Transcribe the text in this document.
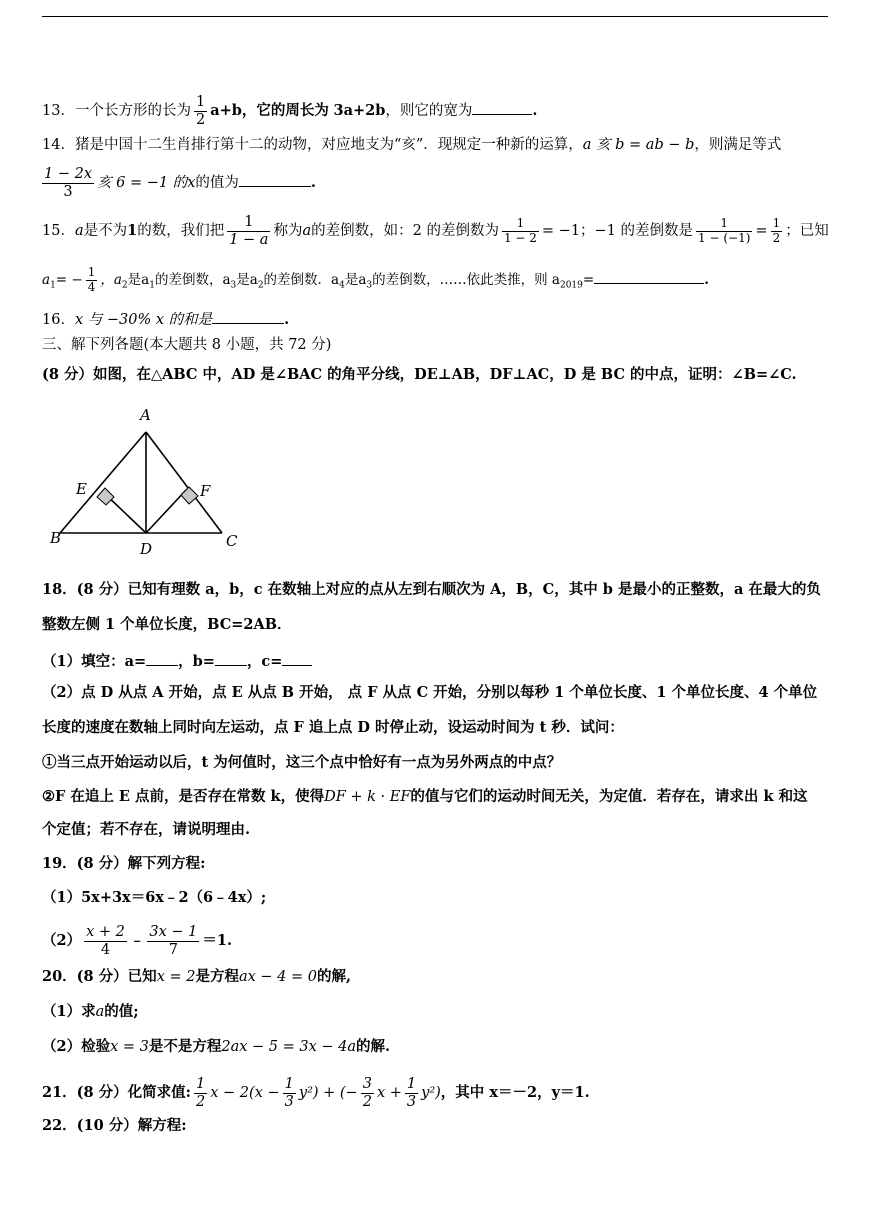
13．一个长方形的长为 $\frac{1}{2} a+b$，它的周长为 3a+2b，则它的宽为	.
14．猪是中国十二生肖排行第十二的动物，对应地支为“亥”．现规定一种新的运算，a 亥 b = ab − b，则满足等式
$\frac{1 - 2x}{3}$ 亥 6 = −1 的x的值为	.
15．a是不为1的数，我们把 $\frac{1}{1 - a}$ 称为a的差倒数，如：2 的差倒数为 $\frac{1}{1 - 2} = -1$；−1 的差倒数是 $\frac{1}{1 - (-1)} = \frac{1}{2}$ ；已知
$a_1= - \frac{1}{4}$ ，$a_2$是$a_1$的差倒数，$a_3$是$a_2$的差倒数．$a_4$是$a_3$的差倒数，……依此类推，则 $a_{2019}=$	.
16．x 与 −30% x 的和是	.
三、解下列各题(本大题共 8 小题，共 72 分)
(8 分）如图，在△ABC 中，AD 是∠BAC 的角平分线，DE⊥AB，DF⊥AC，D 是 BC 的中点，证明：∠B=∠C.
A
B	C
D
E	F
18．(8 分）已知有理数 a，b，c 在数轴上对应的点从左到右顺次为 A，B，C，其中 b 是最小的正整数，a 在最大的负
整数左侧 1 个单位长度，BC=2AB．
（1）填空：a= ，b= ，c=
（2）点 D 从点 A 开始，点 E 从点 B 开始， 点 F 从点 C 开始，分别以每秒 1 个单位长度、1 个单位长度、4 个单位
长度的速度在数轴上同时向左运动，点 F 追上点 D 时停止动，设运动时间为 t 秒．试问：
①当三点开始运动以后，t 为何值时，这三个点中恰好有一点为另外两点的中点？
②F 在追上 E 点前，是否存在常数 k，使得DF + k · EF的值与它们的运动时间无关，为定值．若存在，请求出 k 和这
个定值；若不存在，请说明理由.
19．(8 分）解下列方程:
（1）5x+3x＝6x﹣2（6﹣4x）;
$(2) \frac{x + 2}{4}$ ﹣ $\frac{3x - 1}{7} =1$.
20．(8 分）已知x = 2是方程ax − 4 = 0的解,
（1）求a的值;
（2）检验x = 3是不是方程2ax − 5 = 3x − 4a的解.
21．(8 分）化简求值: $\frac{1}{2}$ $x - 2(x - \frac{1}{3} y^2)$ + (− $\frac{3}{2}$ $x + \frac{1}{3} y^2$)，其中 x＝－2，y＝1.
22．(10 分）解方程:
